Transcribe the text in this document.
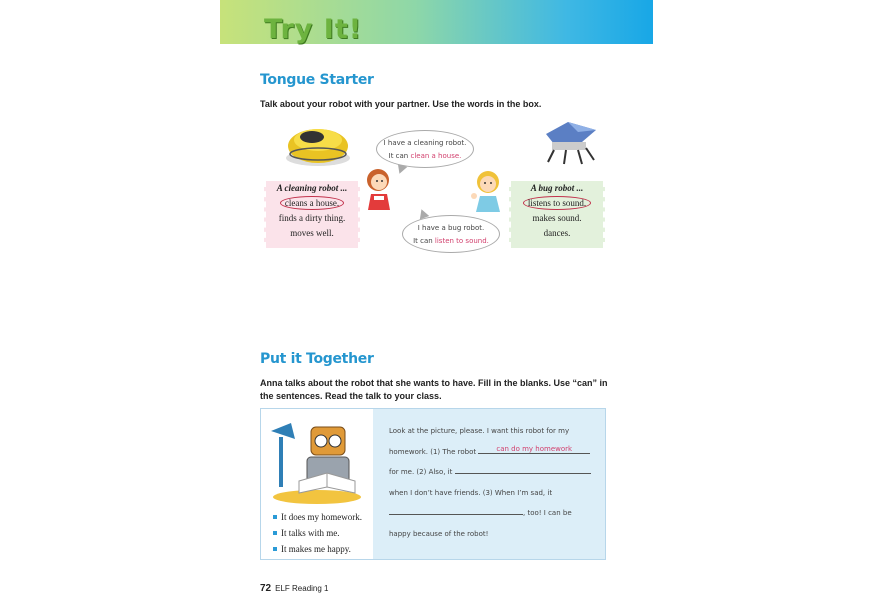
Try It!
Tongue Starter
Talk about your robot with your partner. Use the words in the box.
A cleaning robot ...
cleans a house.
finds a dirty thing.
moves well.
A bug robot ...
listens to sound.
makes sound.
dances.
I have a cleaning robot.
It can clean a house.
I have a bug robot.
It can listen to sound.
Put it Together
Anna talks about the robot that she wants to have. Fill in the blanks. Use “can” in
the sentences. Read the talk to your class.
It does my homework.
It talks with me.
It makes me happy.
Look at the picture, please. I want this robot for my
homework. (1) The robot	can do my homework
for me. (2) Also, it
when I don’t have friends. (3) When I’m sad, it
, too! I can be
happy because of the robot!
72 ELF Reading 1
